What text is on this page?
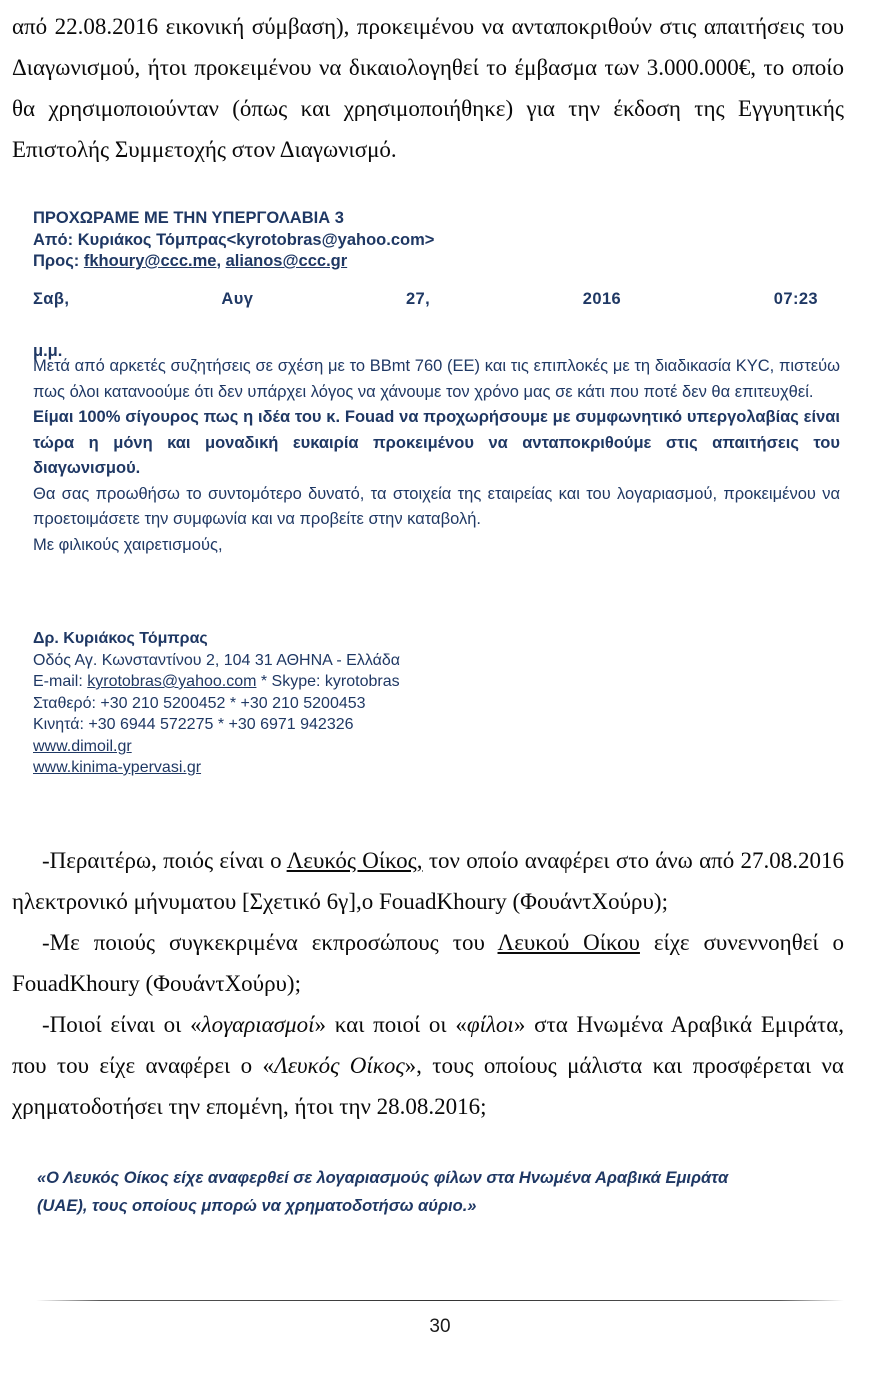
από 22.08.2016 εικονική σύμβαση), προκειμένου να ανταποκριθούν στις απαιτήσεις του Διαγωνισμού, ήτοι προκειμένου να δικαιολογηθεί το έμβασμα των 3.000.000€, το οποίο θα χρησιμοποιούνταν (όπως και χρησιμοποιήθηκε) για την έκδοση της Εγγυητικής Επιστολής Συμμετοχής στον Διαγωνισμό.

ΠΡΟΧΩΡΑΜΕ ΜΕ ΤΗΝ ΥΠΕΡΓΟΛΑΒΙΑ 3
Από: Κυριάκος Τόμπρας<kyrotobras@yahoo.com>
Προς: fkhoury@ccc.me, alianos@ccc.gr
Σαβ, Αυγ 27, 2016 07:23
μ.μ.

Μετά από αρκετές συζητήσεις σε σχέση με το BBmt 760 (ΕΕ) και τις επιπλοκές με τη διαδικασία KYC, πιστεύω πως όλοι κατανοούμε ότι δεν υπάρχει λόγος να χάνουμε τον χρόνο μας σε κάτι που ποτέ δεν θα επιτευχθεί.

Είμαι 100% σίγουρος πως η ιδέα του κ. Fouad να προχωρήσουμε με συμφωνητικό υπεργολαβίας είναι τώρα η μόνη και μοναδική ευκαιρία προκειμένου να ανταποκριθούμε στις απαιτήσεις του διαγωνισμού.

Θα σας προωθήσω το συντομότερο δυνατό, τα στοιχεία της εταιρείας και του λογαριασμού, προκειμένου να προετοιμάσετε την συμφωνία και να προβείτε στην καταβολή.

Με φιλικούς χαιρετισμούς,

Δρ. Κυριάκος Τόμπρας
Οδός Αγ. Κωνσταντίνου 2, 104 31 ΑΘΗΝΑ - Ελλάδα
E-mail: kyrotobras@yahoo.com * Skype: kyrotobras
Σταθερό: +30 210 5200452 * +30 210 5200453
Κινητά: +30 6944 572275 * +30 6971 942326
www.dimoil.gr
www.kinima-ypervasi.gr

-Περαιτέρω, ποιός είναι ο Λευκός Οίκος, τον οποίο αναφέρει στο άνω από 27.08.2016 ηλεκτρονικό μήνυματου [Σχετικό 6γ],ο FouadKhoury (ΦουάντΧούρυ);

-Με ποιούς συγκεκριμένα εκπροσώπους του Λευκού Οίκου είχε συνεννοηθεί ο FouadKhoury (ΦουάντΧούρυ);

-Ποιοί είναι οι «λογαριασμοί» και ποιοί οι «φίλοι» στα Ηνωμένα Αραβικά Εμιράτα, που του είχε αναφέρει ο «Λευκός Οίκος», τους οποίους μάλιστα και προσφέρεται να χρηματοδοτήσει την επομένη, ήτοι την 28.08.2016;

«Ο Λευκός Οίκος είχε αναφερθεί σε λογαριασμούς φίλων στα Ηνωμένα Αραβικά Εμιράτα

(UAE), τους οποίους μπορώ να χρηματοδοτήσω αύριο.»

30
